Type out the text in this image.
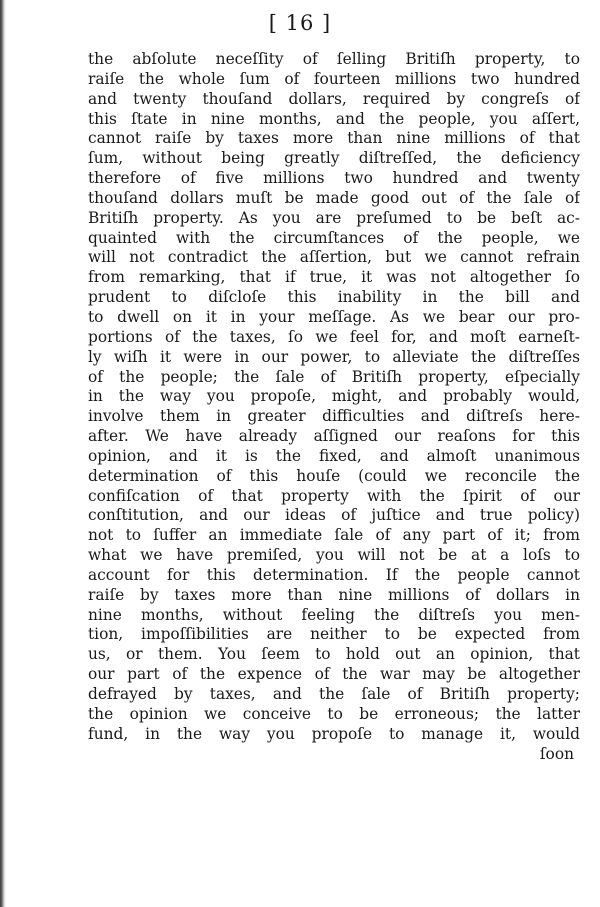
[ 16 ]
the abſolute neceſſity of ſelling Britiſh property, to
raiſe the whole ſum of fourteen millions two hundred
and twenty thouſand dollars, required by congreſs of
this ſtate in nine months, and the people, you aſſert,
cannot raiſe by taxes more than nine millions of that
ſum, without being greatly diſtreſſed, the deficiency
therefore of five millions two hundred and twenty
thouſand dollars muſt be made good out of the ſale of
Britiſh property. As you are preſumed to be beſt ac-
quainted with the circumſtances of the people, we
will not contradict the aſſertion, but we cannot refrain
from remarking, that if true, it was not altogether ſo
prudent to diſcloſe this inability in the bill and
to dwell on it in your meſſage. As we bear our pro-
portions of the taxes, ſo we feel for, and moſt earneſt-
ly wiſh it were in our power, to alleviate the diſtreſſes
of the people; the ſale of Britiſh property, eſpecially
in the way you propoſe, might, and probably would,
involve them in greater difficulties and diſtreſs here-
after. We have already aſſigned our reaſons for this
opinion, and it is the fixed, and almoſt unanimous
determination of this houſe (could we reconcile the
confiſcation of that property with the ſpirit of our
conſtitution, and our ideas of juſtice and true policy)
not to ſuffer an immediate ſale of any part of it; from
what we have premiſed, you will not be at a loſs to
account for this determination. If the people cannot
raiſe by taxes more than nine millions of dollars in
nine months, without feeling the diſtreſs you men-
tion, impoſſibilities are neither to be expected from
us, or them. You ſeem to hold out an opinion, that
our part of the expence of the war may be altogether
defrayed by taxes, and the ſale of Britiſh property;
the opinion we conceive to be erroneous; the latter
fund, in the way you propoſe to manage it, would
ſoon
